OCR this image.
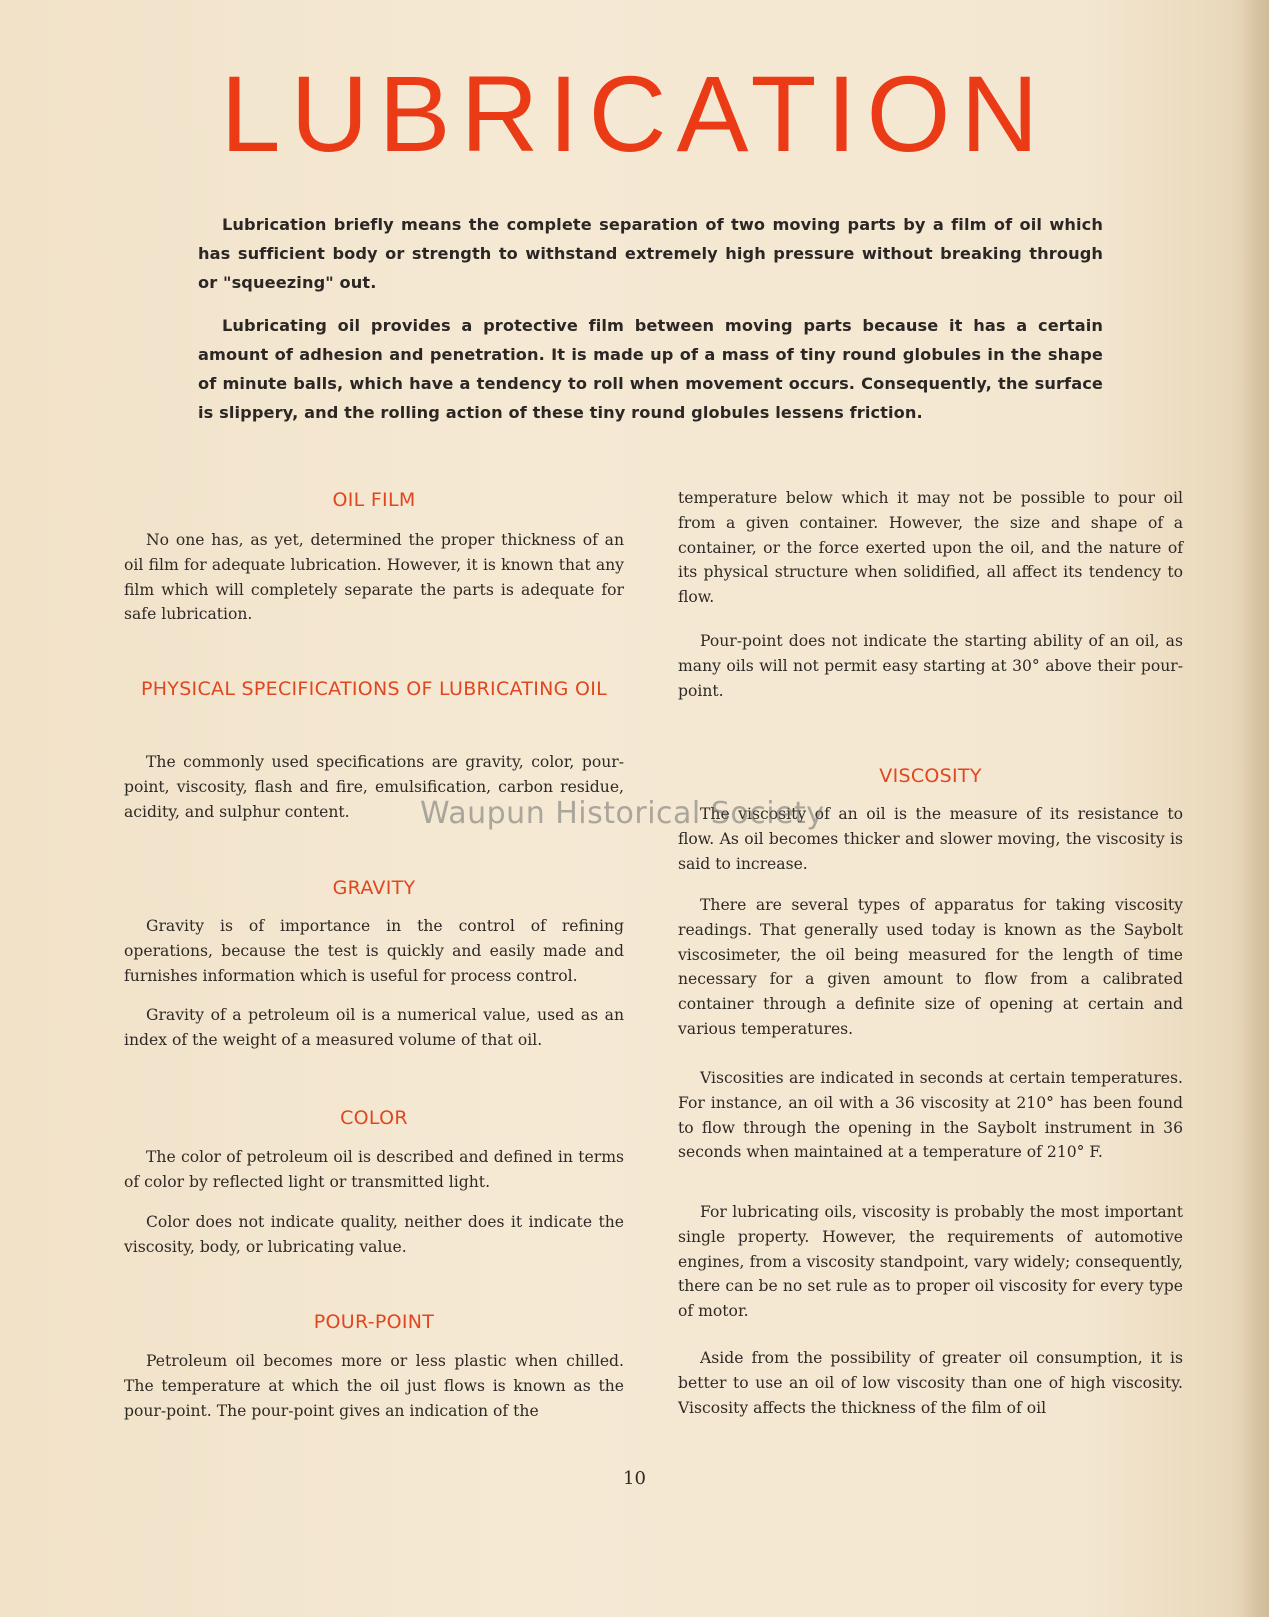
LUBRICATION

Lubrication briefly means the complete separation of two moving parts by a film of oil which has sufficient body or strength to withstand extremely high pressure without breaking through or "squeezing" out.

Lubricating oil provides a protective film between moving parts because it has a certain amount of adhesion and penetration. It is made up of a mass of tiny round globules in the shape of minute balls, which have a tendency to roll when movement occurs. Consequently, the surface is slippery, and the rolling action of these tiny round globules lessens friction.

OIL FILM

No one has, as yet, determined the proper thickness of an oil film for adequate lubrication. However, it is known that any film which will completely separate the parts is adequate for safe lubrication.

PHYSICAL SPECIFICATIONS OF LUBRICATING OIL

The commonly used specifications are gravity, color, pour-point, viscosity, flash and fire, emulsification, carbon residue, acidity, and sulphur content.

GRAVITY

Gravity is of importance in the control of refining operations, because the test is quickly and easily made and furnishes information which is useful for process control.

Gravity of a petroleum oil is a numerical value, used as an index of the weight of a measured volume of that oil.

COLOR

The color of petroleum oil is described and defined in terms of color by reflected light or transmitted light.

Color does not indicate quality, neither does it indicate the viscosity, body, or lubricating value.

POUR-POINT

Petroleum oil becomes more or less plastic when chilled. The temperature at which the oil just flows is known as the pour-point. The pour-point gives an indication of the

temperature below which it may not be possible to pour oil from a given container. However, the size and shape of a container, or the force exerted upon the oil, and the nature of its physical structure when solidified, all affect its tendency to flow.

Pour-point does not indicate the starting ability of an oil, as many oils will not permit easy starting at 30° above their pour-point.

VISCOSITY

The viscosity of an oil is the measure of its resistance to flow. As oil becomes thicker and slower moving, the viscosity is said to increase.

There are several types of apparatus for taking viscosity readings. That generally used today is known as the Saybolt viscosimeter, the oil being measured for the length of time necessary for a given amount to flow from a calibrated container through a definite size of opening at certain and various temperatures.

Viscosities are indicated in seconds at certain temperatures. For instance, an oil with a 36 viscosity at 210° has been found to flow through the opening in the Saybolt instrument in 36 seconds when maintained at a temperature of 210° F.

For lubricating oils, viscosity is probably the most important single property. However, the requirements of automotive engines, from a viscosity standpoint, vary widely; consequently, there can be no set rule as to proper oil viscosity for every type of motor.

Aside from the possibility of greater oil consumption, it is better to use an oil of low viscosity than one of high viscosity. Viscosity affects the thickness of the film of oil

Waupun Historical Society
10
